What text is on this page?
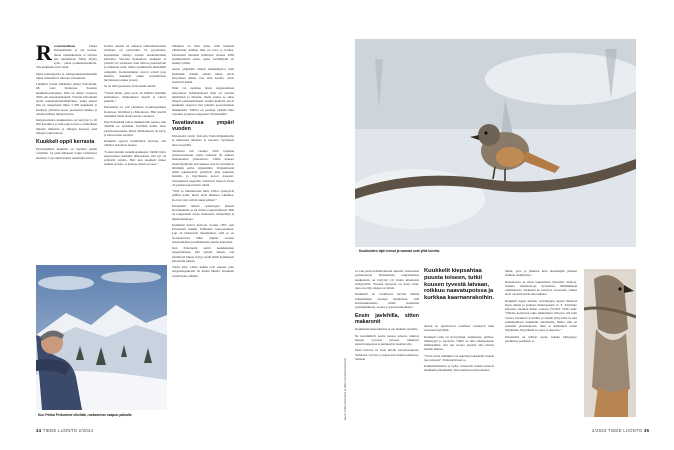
Rovaniemeläinen	Pekka Peltoniemellä ei ole kotona, mutta ruusukkotaulu ei tarvitse olla tuntematon. Näille lilyiyy syitä – paitsi porkkanalastikolle. Sitä kuukkeilt eivät siedä.

Myös kuurunjyviin ja auringonkukansiemeniin linnut suhtautuvat suurella varauksella.

Lähikirin työstä eläkkeelle jäänyt Peltoniemi, 68, voisi tituleerata Suomen kuukkeliosoittajaksi. Hän on tehnyt vuodesta 2006 asti kansalaistiedettä. Tuollon Peltoniemi aloitti kuukkeliottelutehtäväksi, jonka aikana hän on rengastanut lähes 3 000 kuukkelia ja kerännyt yhteensä tietoa, puolisensa linnuja ja oittanut näiden lintujen kuvia.

Rengastettuista kuukkeleista on kertynyt jo 20 000 havaintoa ja tuki paljon tietoa, esimerkiksi lintujen liikkeistä ja elinajan kestosta sekä lintujen tenpirvustan.

Kuukkeli oppii kerrasta

Pyöreälpäinen kuukkeli on Suomen pienin varislintu. Se pesii läheisesti Lapin varhaisissa metsissä. Laji onkin monen retkeilijän kaveri.

Utelias sitkeää on uutisten lakkaamattomana työsijana on pestäväksi. Se pyydetteleo kepaisetiksi ohutaja toisetle tarkkailtomaan kullloitta. Nuorten houkuttava kuukkeli ei yleensä vel varastaan. Kun lainvaa juustoleivän ja makkarat esiin, linnut rynniistävät mielellään osingoille. Kolkonsimmat ottavat evästä jopa kädestä. Kuukkeli onkin varistinnuista harvinaisen rohkea ja kesy.

Se on niitä geenoissa, Peltoniemi tuumii.

“Nokin linnut, jotka eivät ole ihmisiä aiemmin kohdanneet, ihmissuhteet metsiä ja taiteet paikalle.”

Peltoniemi on 120 vakituista ruokintapaikkaa Kolarissa, Kittilässä ja Muoniossa. Hän kiertää useimmat niistä monta kertaa vuodessa.

Kun Peltoniemi laittaa kuukkeleille ruokaa, hän vihelläh ne nylisiään. Kyllmän kolme tulee yleisin katsomaan, missä vihellyksessä on hyvä, ja kurssi muut asettelit.

Kuukkeli oppivat useimmiten kerrasta, että vihellys tarkoittaa ruokaa.

“Laitan metsiin ruokintapaikkojen vähillä myös paperruokaa merkiksi lähiruokaan, että nyt on syötävää tarjolla. Heti kun kuukkeli näkee nauhan jossain, se kokeaa, missä on ruoa.”

Siitäkuva on ihan suma, mitä linnuille vihelletaan, kunhan ääni on kova ja korkea. Peltoniemi huomasi Kittilässä vuonna 2009 parkkipaikalla auton, jonka varashälytin oli mennyt päälle.

Auton ympärillä lääketi kuukkeliparvi kuin hädissään. Kaikki alueen linnut olivat kerrynneet siihen. Osa istui katolla, toiset lentelivät kehää.

Näin voi tapahtua myös rengastamisen yhteydessä. Käännettäessä lintu on yleensä nuhallinen ja äänetön, mutta joskus se alkaa räiskyä pahanpäiväisesti. Kaikki kuulolla olevat kuukkelit saapuvat heti paikalle protestoimaan äänekkäästi. Tällöin on parempi päästää lintu vapaaksi ja jatkaa rengastusta myöhemmin.

Tavattavissa ympäri vuoden

Peltoniemi syntyi Tenvolla Etelä-Pohjanmaalla ja kiinnostui linnuista jo nuorena. Syslyksen ainoi suopölllö.

Suomessa tuli vuonna 1969 voimaan pellonvarauslaki, jonka tarkoitus oli lokkata maatalouden ylituotantoa. Vuhin makaot maanviljelijöille korvauksen, kun he ulostutivat lättimään pellot viljelemättä. Pohjanmaalla nämä pakettipellot peittyivät pian pakkasin heinään, ja myyräkanta kasvoi nopeasti. Seurauksena suopöllöt vallottivat tienoon. Pesiä oli parituosataa metrin välein.

“Siitä se lintuinnostus lähti. Pöllöt syöksyivät päälini kohti, mutta eivät hikeneet vahinkoa. Korvan vain vetivät tukan päässä.”

Peltoniemi muutti opiskelujen jälkeen Rovaniemelle ja sai liittoja rengastamiseen. Hän on rengastanut satoja maakotkia, hiiripöllöjä ja muuttohaukkoja.

Kuukkelit tulivat kuvioon vuonna 1997, kun Peltoniemi hankki Ylläkseltä loma-asunnon. Laji on muistoristi muukinaiset, sillä se on tavoitettavissa lähes ympäri vuoden tarkkoinhausta pesintäkauden aikana kokonaan.

Kun Peltoniemi aloitti kuukkeleiden rengastamisen, hän ajatteli aikaan, että merkittyjä lintuja löytyy siellä täällä kymmenen kilometrin päässä.

Toisin kävi. Lähes kaikki ovat asuneet joka rengastuspaikoilla tai niiden lähellä. Kuukkeli viettää koko elämän-

Kun Pekka Peltoniemi viheltää, ruokavieras saapuu paikalle.
Kuukkoiden lajin koisat ja vaaraat ovat yhtä koreita.
Kuvat: Pekka Peltoniemi ja Meka Tuominen/Vastavalo

sä vain parin neliökilometrin alueella. Ainoastaan parituoneesta Peltoniemen rengastamista kuukkeleita on löytynyt yli viiden kilometrin etäisyydeltä. Yleensä kyseessä on nuori lintu, joka on eriiyt omasta reviiristä.

Kuukkelit on tavallisesti tarvittu lähtinä nrikkaleiman suomen maailmaan, sillä kotimaankaltaisia riittää suomisten pesimäpaikkoja, ruokaa ja puolisoehdokkaita.

Ensin javlehilla, sitten makaronit

Kuukkelien kiepsahdusta ei ole mukana seurailla.

Ne kerralkhivät useita puussa toiseen, tutkivat kuusen tyveestä latvaan, roikkuvat nauravatuppoissa ja kurkkaavat kaarnan alle.

Puun latvasta ne etsät kiiviät karrunosoikasia, mahdavat varvitot ja nappaavat lintuin nauhoissa. Samaan

Kuukkelit kiepsahtaa puusta toiseen, tutkii kuusen tyvestä latvaan, roikkuu naavatupoissa ja kurkkaa kaarnanrakoihin.

aikaan ne rupattelevat toisilleen varmaavit kuin selostaen löytöjään.

Kuukkeli taulu on livrrytyksiä, naukaisuja, pulinaa, räkkäsyyjä ja lepotutta. Niillä on niin omaisaattoien äänimaailma, että sen erottaa yleensä aina muista metsän äänistä.

“Tosin aivan ummikko voi sekoittaa kuukkelin naakan jopa kissaan”, Peltoniemi kertoo.

Kukkimattaneissa ja kyiby varastoida ruokaa auttavat kuukkelia pärjäämään. Sille maistuvat niin kuolleet

linnut, poro ja jäniksen kuin metsästäjän jäämset eläinten sisälmykset.

Ruokaloissa on myös kaikenlaista hylsetetti, marjoja, toukkia, mustikottoja, hyönteiset, hämähäkkejä sammakoista. Siemeniä ne saattavat varastoida, vaikka eivät ole niistä järin innostuneita.

Kuukkeli napsii meiden varislintujen tapaan mielessä myös munia ja poikasia linnunpesistä. K. E. Kivirikko kirjoittaa Suomen linnut -teitessa (WSOY 1926) näin: “Näiden koittosten takia pikkulinnut vihaavat sitä kuin varista, harakkaa tai närhiä, ja elentin järttyvänä on aika suunnitelmaan kuukkelin rahdoksille. Mutta sille on jonenkin yhdentekevää, mitä se kullolahtti sattuu lilytamään. Myyränkin se tapaa ja nujertaa.”

Peltoniemi on nähnyt usein, kuinka lärtipeippo puollustaa pesäänsä: se

34 TIEDE LUONTO 2/2024	2/2024 TIEDE LUONTO 35
